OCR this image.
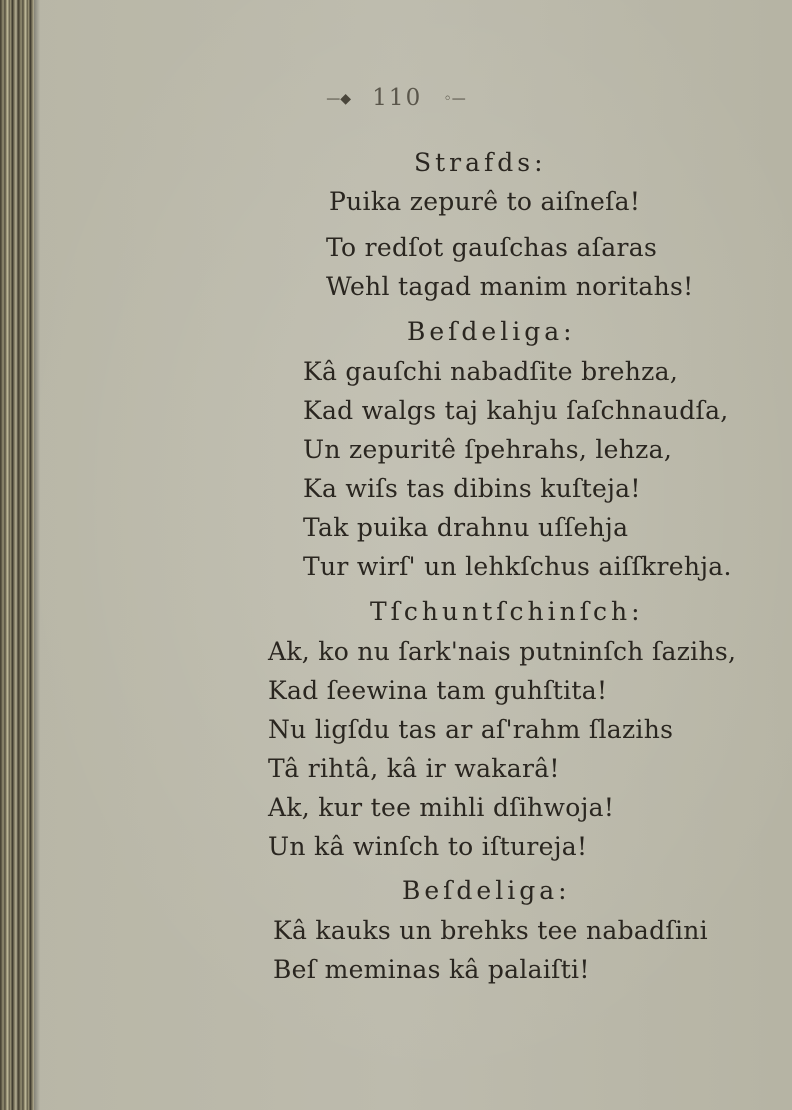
—◆ 110 ◦—
Strafds:
Puika zepurê to aiſneſa!
To redſot gauſchas aſaras
Wehl tagad manim noritahs!
Beſdeliga:
Kâ gauſchi nabadſite brehza,
Kad walgs taj kahju ſaſchnaudſa,
Un zepuritê ſpehrahs, lehza,
Ka wiſs tas dibins kuſteja!
Tak puika drahnu uſſehja
Tur wirſ' un lehkſchus aiſſkrehja.
Tſchuntſchinſch:
Ak, ko nu ſark'nais putninſch ſazihs,
Kad ſeewina tam guhſtita!
Nu ligſdu tas ar aſ'rahm ſlazihs
Tâ rihtâ, kâ ir wakarâ!
Ak, kur tee mihli dſihwoja!
Un kâ winſch to iſtureja!
Beſdeliga:
Kâ kauks un brehks tee nabadſini
Beſ meminas kâ palaiſti!
